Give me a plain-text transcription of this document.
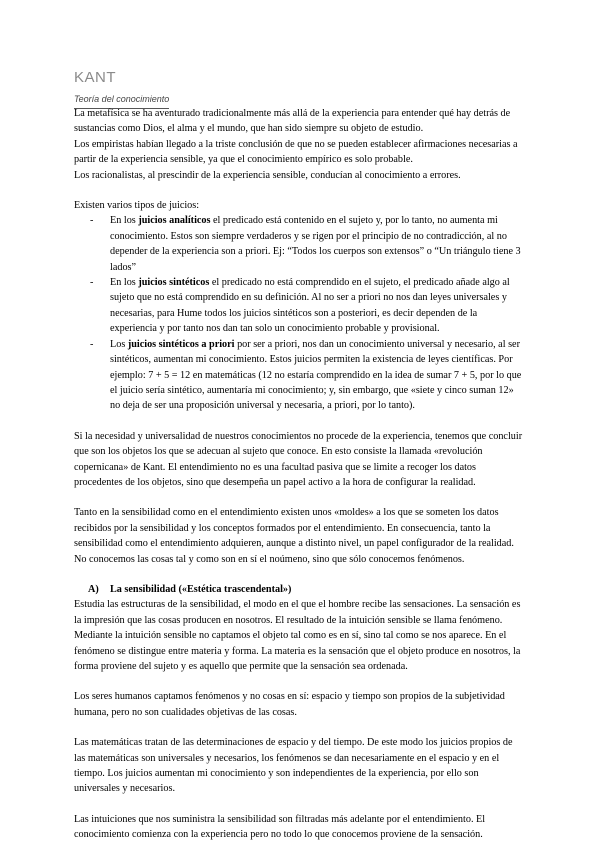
KANT
Teoría del conocimiento

La metafísica se ha aventurado tradicionalmente más allá de la experiencia para entender qué hay detrás de
sustancias como Dios, el alma y el mundo, que han sido siempre su objeto de estudio.
Los empiristas habían llegado a la triste conclusión de que no se pueden establecer afirmaciones necesarias a
partir de la experiencia sensible, ya que el conocimiento empírico es solo probable.
Los racionalistas, al prescindir de la experiencia sensible, conducían al conocimiento a errores.

Existen varios tipos de juicios:

- En los juicios analíticos el predicado está contenido en el sujeto y, por lo tanto, no aumenta mi conocimiento. Estos son siempre verdaderos y se rigen por el principio de no contradicción, al no depender de la experiencia son a priori. Ej: “Todos los cuerpos son extensos” o “Un triángulo tiene 3 lados”
- En los juicios sintéticos el predicado no está comprendido en el sujeto, el predicado añade algo al sujeto que no está comprendido en su definición. Al no ser a priori no nos dan leyes universales y necesarias, para Hume todos los juicios sintéticos son a posteriori, es decir dependen de la experiencia y por tanto nos dan tan solo un conocimiento probable y provisional.
- Los juicios sintéticos a priori por ser a priori, nos dan un conocimiento universal y necesario, al ser sintéticos, aumentan mi conocimiento. Estos juicios permiten la existencia de leyes científicas. Por ejemplo: 7 + 5 = 12 en matemáticas (12 no estaría comprendido en la idea de sumar 7 + 5, por lo que el juicio sería sintético, aumentaría mi conocimiento; y, sin embargo, que «siete y cinco suman 12» no deja de ser una proposición universal y necesaria, a priori, por lo tanto).

Si la necesidad y universalidad de nuestros conocimientos no procede de la experiencia, tenemos que concluir que son los objetos los que se adecuan al sujeto que conoce. En esto consiste la llamada «revolución copernicana» de Kant. El entendimiento no es una facultad pasiva que se limite a recoger los datos procedentes de los objetos, sino que desempeña un papel activo a la hora de configurar la realidad.

Tanto en la sensibilidad como en el entendimiento existen unos «moldes» a los que se someten los datos recibidos por la sensibilidad y los conceptos formados por el entendimiento. En consecuencia, tanto la sensibilidad como el entendimiento adquieren, aunque a distinto nivel, un papel configurador de la realidad. No conocemos las cosas tal y como son en sí el noúmeno, sino que sólo conocemos fenómenos.

A) La sensibilidad («Estética trascendental»)

Estudia las estructuras de la sensibilidad, el modo en el que el hombre recibe las sensaciones. La sensación es la impresión que las cosas producen en nosotros. El resultado de la intuición sensible se llama fenómeno. Mediante la intuición sensible no captamos el objeto tal como es en sí, sino tal como se nos aparece. En el fenómeno se distingue entre materia y forma. La materia es la sensación que el objeto produce en nosotros, la forma proviene del sujeto y es aquello que permite que la sensación sea ordenada.

Los seres humanos captamos fenómenos y no cosas en sí: espacio y tiempo son propios de la subjetividad humana, pero no son cualidades objetivas de las cosas.

Las matemáticas tratan de las determinaciones de espacio y del tiempo. De este modo los juicios propios de las matemáticas son universales y necesarios, los fenómenos se dan necesariamente en el espacio y en el tiempo. Los juicios aumentan mi conocimiento y son independientes de la experiencia, por ello son universales y necesarios.

Las intuiciones que nos suministra la sensibilidad son filtradas más adelante por el entendimiento. El conocimiento comienza con la experiencia pero no todo lo que conocemos proviene de la sensación.
